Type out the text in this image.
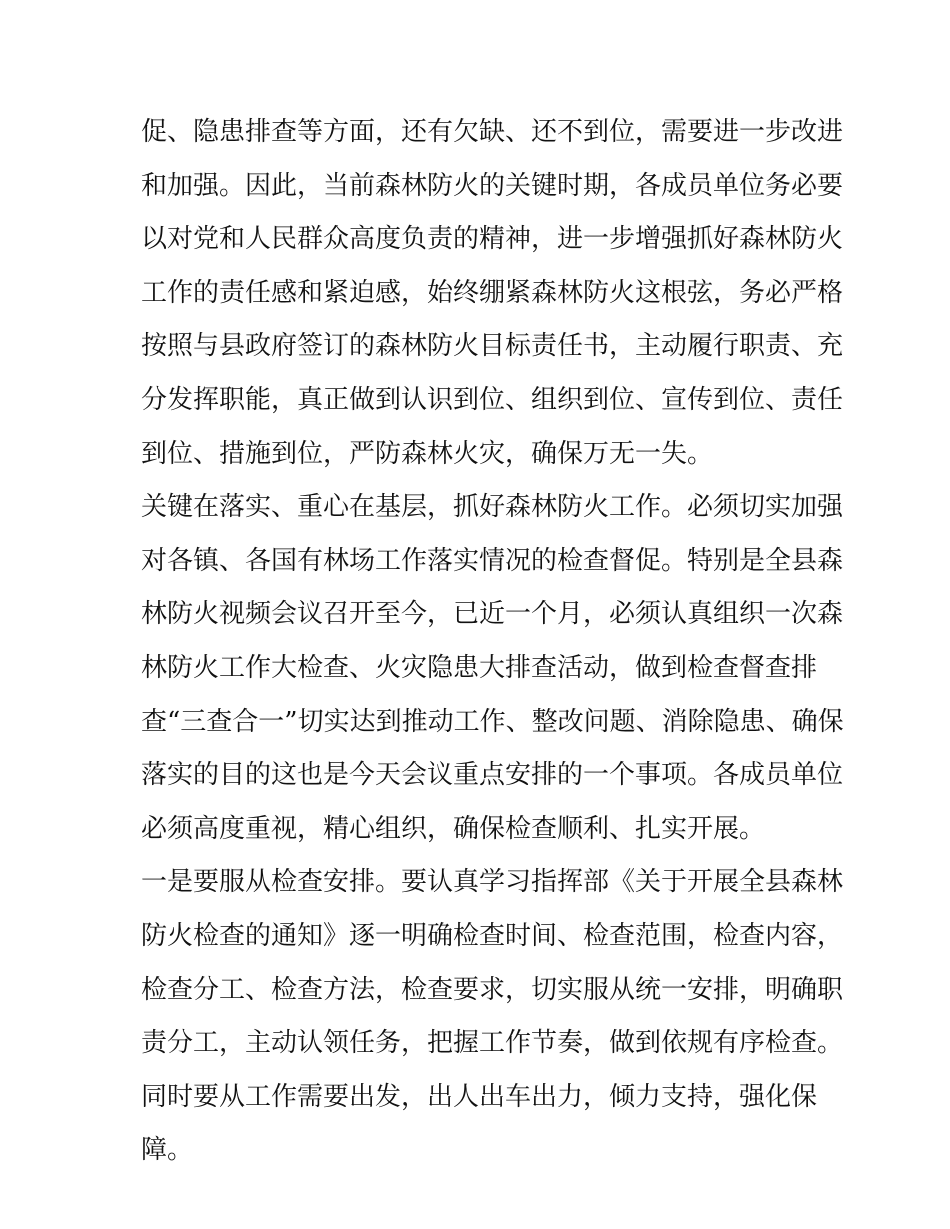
促、隐患排查等方面，还有欠缺、还不到位，需要进一步改进
和加强。因此，当前森林防火的关键时期，各成员单位务必要
以对党和人民群众高度负责的精神，进一步增强抓好森林防火
工作的责任感和紧迫感，始终绷紧森林防火这根弦，务必严格
按照与县政府签订的森林防火目标责任书，主动履行职责、充
分发挥职能，真正做到认识到位、组织到位、宣传到位、责任
到位、措施到位，严防森林火灾，确保万无一失。
关键在落实、重心在基层，抓好森林防火工作。必须切实加强
对各镇、各国有林场工作落实情况的检查督促。特别是全县森
林防火视频会议召开至今，已近一个月，必须认真组织一次森
林防火工作大检查、火灾隐患大排查活动，做到检查督查排
查“三查合一”切实达到推动工作、整改问题、消除隐患、确保
落实的目的这也是今天会议重点安排的一个事项。各成员单位
必须高度重视，精心组织，确保检查顺利、扎实开展。
一是要服从检查安排。要认真学习指挥部《关于开展全县森林
防火检查的通知》逐一明确检查时间、检查范围，检查内容，
检查分工、检查方法，检查要求，切实服从统一安排，明确职
责分工，主动认领任务，把握工作节奏，做到依规有序检查。
同时要从工作需要出发，出人出车出力，倾力支持，强化保
障。
